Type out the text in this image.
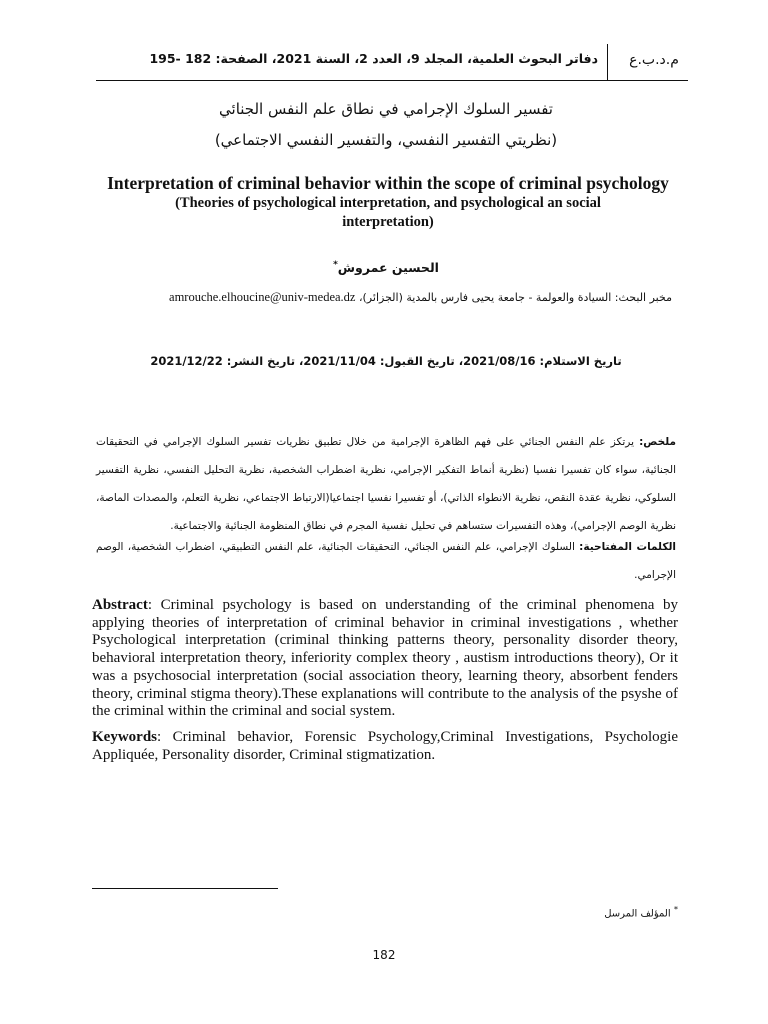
دفاتر البحوث العلمية، المجلد 9، العدد 2، السنة 2021، الصفحة: 182 -195	م.د.ب.ع
تفسير السلوك الإجرامي في نطاق علم النفس الجنائي
(نظريتي التفسير النفسي، والتفسير النفسي الاجتماعي)
Interpretation of criminal behavior within the scope of criminal psychology
(Theories of psychological interpretation, and psychological an social interpretation)
الحسين عمروش*
مخبر البحث: السيادة والعولمة - جامعة يحيى فارس بالمدية (الجزائر)، amrouche.elhoucine@univ-medea.dz
تاريخ الاستلام: 2021/08/16، تاريخ القبول: 2021/11/04، تاريخ النشر: 2021/12/22
ملخص: يرتكز علم النفس الجنائي على فهم الظاهرة الإجرامية من خلال تطبيق نظريات تفسير السلوك الإجرامي في التحقيقات الجنائية، سواء كان تفسيرا نفسيا (نظرية أنماط التفكير الإجرامي، نظرية اضطراب الشخصية، نظرية التحليل النفسي، نظرية التفسير السلوكي، نظرية عقدة النقص، نظرية الانطواء الذاتي)، أو تفسيرا نفسيا اجتماعيا(الارتباط الاجتماعي، نظرية التعلم، والمصدات الماصة، نظرية الوصم الإجرامي)، وهذه التفسيرات ستساهم في تحليل نفسية المجرم في نطاق المنظومة الجنائية والاجتماعية.
الكلمات المفتاحية: السلوك الإجرامي، علم النفس الجنائي، التحقيقات الجنائية، علم النفس التطبيقي، اضطراب الشخصية، الوصم الإجرامي.
Abstract: Criminal psychology is based on understanding of the criminal phenomena by applying theories of interpretation of criminal behavior in criminal investigations , whether Psychological interpretation (criminal thinking patterns theory, personality disorder theory, behavioral interpretation theory, inferiority complex theory , austism introductions theory), Or it was a psychosocial interpretation (social association theory, learning theory, absorbent fenders theory, criminal stigma theory).These explanations will contribute to the analysis of the psyshe of the criminal within the criminal and social system.
Keywords: Criminal behavior, Forensic Psychology,Criminal Investigations, Psychologie Appliquée, Personality disorder, Criminal stigmatization.
* المؤلف المرسل
182
